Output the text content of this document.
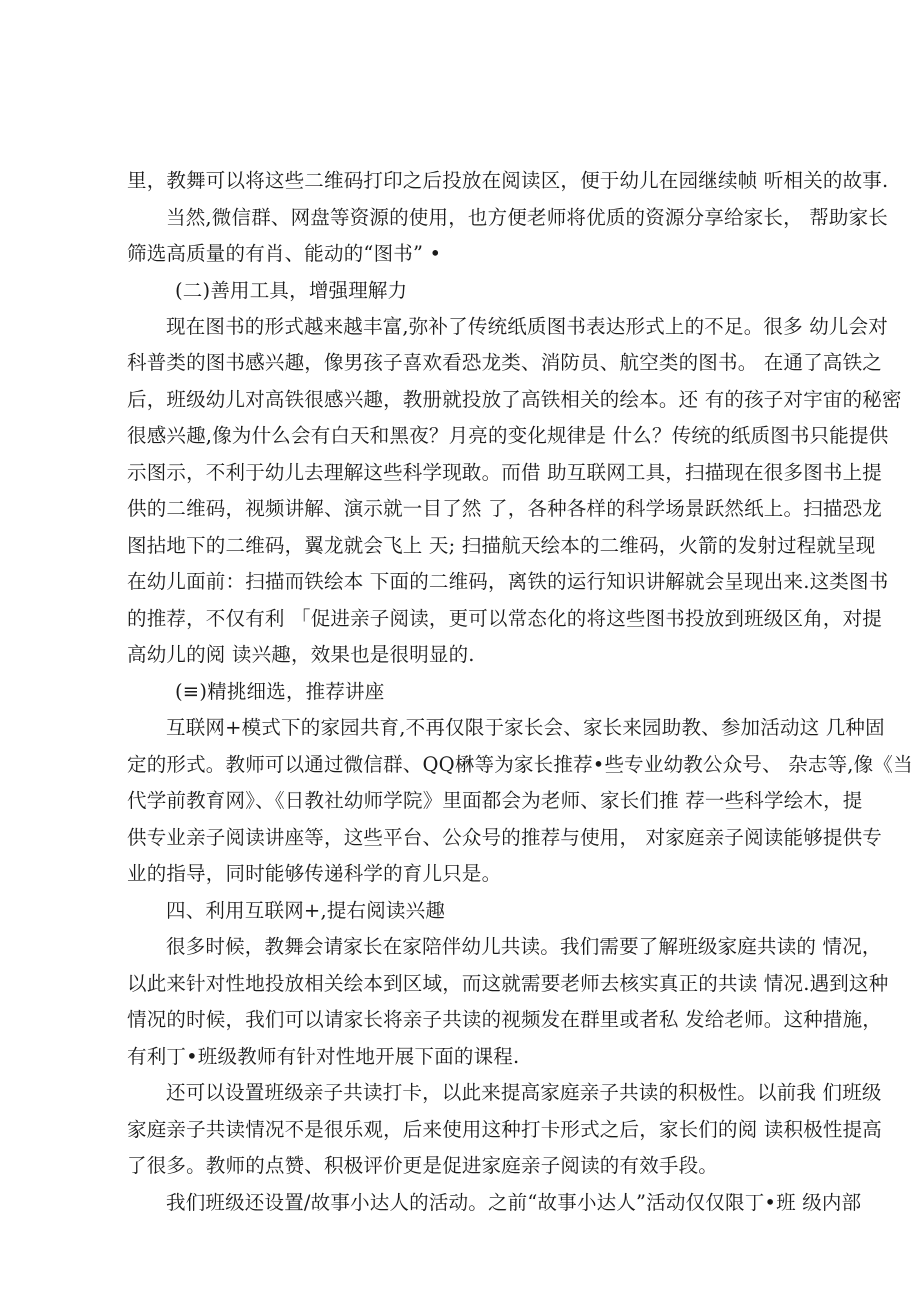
里，教舞可以将这些二维码打印之后投放在阅读区，便于幼儿在园继续帧 听相关的故事.
当然,微信群、网盘等资源的使用，也方便老师将优质的资源分享给家长， 帮助家长
筛选高质量的有肖、能动的“图书” •
(二)善用工具，增强理解力
现在图书的形式越来越丰富,弥补了传统纸质图书表达形式上的不足。很多 幼儿会对
科普类的图书感兴趣，像男孩子喜欢看恐龙类、消防员、航空类的图书。 在通了高铁之
后，班级幼儿对高铁很感兴趣，教册就投放了高铁相关的绘本。还 有的孩子对宇宙的秘密
很感兴趣,像为什么会有白天和黑夜？月亮的变化规律是 什么？传统的纸质图书只能提供
示图示，不利于幼儿去理解这些科学现敢。而借 助互联网工具，扫描现在很多图书上提
供的二维码，视频讲解、演示就一目了然 了，各种各样的科学场景跃然纸上。扫描恐龙
图拈地下的二维码，翼龙就会飞上 天; 扫描航天绘本的二维码，火箭的发射过程就呈现
在幼儿面前：扫描而铁绘本 下面的二维码，离铁的运行知识讲解就会呈现出来.这类图书
的推荐，不仅有利 「促进亲子阅读，更可以常态化的将这些图书投放到班级区角，对提
高幼儿的阅 读兴趣，效果也是很明显的.
(≡)精挑细选，推荐讲座
互联网+模式下的家园共育,不再仅限于家长会、家长来园助教、参加活动这 几种固
定的形式。教师可以通过微信群、QQ楙等为家长推荐•些专业幼教公众号、 杂志等,像《当
代学前教育网》、《日教社幼师学院》里面都会为老师、家长们推 荐一些科学绘木，提
供专业亲子阅读讲座等，这些平台、公众号的推荐与使用， 对家庭亲子阅读能够提供专
业的指导，同时能够传递科学的育儿只是。
四、利用互联网+,提右阅读兴趣
很多时候，教舞会请家长在家陪伴幼儿共读。我们需要了解班级家庭共读的 情况，
以此来针对性地投放相关绘本到区域，而这就需要老师去核实真正的共读 情况.遇到这种
情况的时候，我们可以请家长将亲子共读的视频发在群里或者私 发给老师。这种措施，
有利丁•班级教师有针对性地开展下面的课程.
还可以设置班级亲子共读打卡，以此来提高家庭亲子共读的积极性。以前我 们班级
家庭亲子共读情况不是很乐观，后来使用这种打卡形式之后，家长们的阅 读积极性提高
了很多。教师的点赞、积极评价更是促进家庭亲子阅读的有效手段。
我们班级还设置/故事小达人的活动。之前“故事小达人”活动仅仅限丁•班 级内部
